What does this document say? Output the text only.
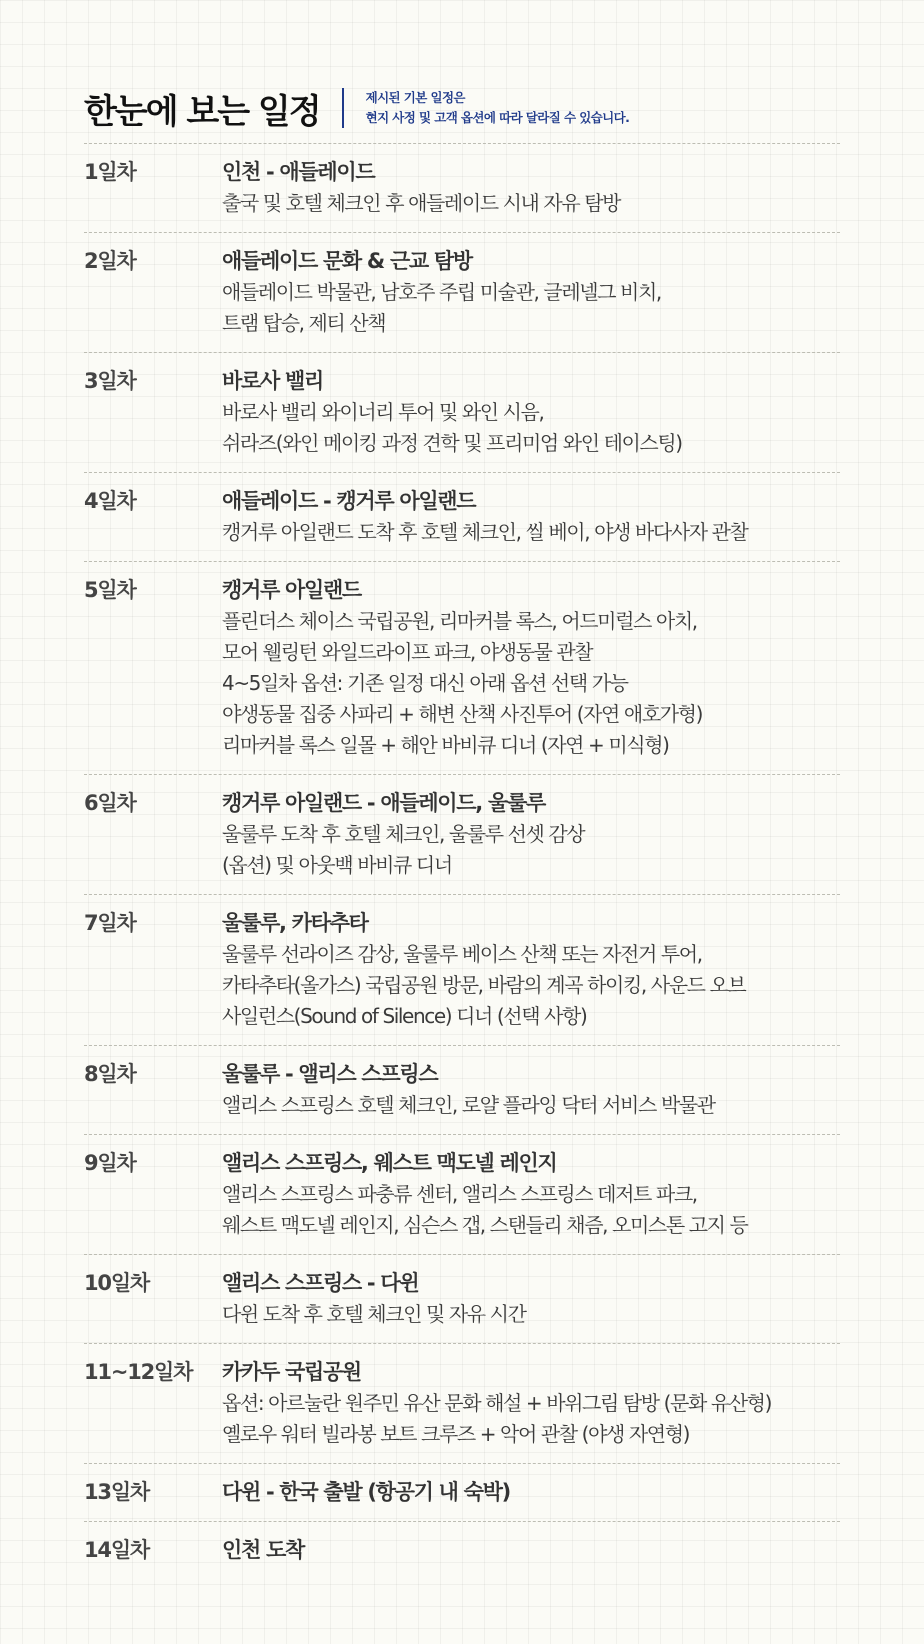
한눈에 보는 일정	제시된 기본 일정은
현지 사정 및 고객 옵션에 따라 달라질 수 있습니다.
1일차	인천 - 애들레이드
출국 및 호텔 체크인 후 애들레이드 시내 자유 탐방
2일차	애들레이드 문화 & 근교 탐방
애들레이드 박물관, 남호주 주립 미술관, 글레넬그 비치,
트램 탑승, 제티 산책
3일차	바로사 밸리
바로사 밸리 와이너리 투어 및 와인 시음,
쉬라즈(와인 메이킹 과정 견학 및 프리미엄 와인 테이스팅)
4일차	애들레이드 - 캥거루 아일랜드
캥거루 아일랜드 도착 후 호텔 체크인, 씰 베이, 야생 바다사자 관찰
5일차	캥거루 아일랜드
플린더스 체이스 국립공원, 리마커블 록스, 어드미럴스 아치,
모어 웰링턴 와일드라이프 파크, 야생동물 관찰
4~5일차 옵션: 기존 일정 대신 아래 옵션 선택 가능
야생동물 집중 사파리 + 해변 산책 사진투어 (자연 애호가형)
리마커블 록스 일몰 + 해안 바비큐 디너 (자연 + 미식형)
6일차	캥거루 아일랜드 - 애들레이드, 울룰루
울룰루 도착 후 호텔 체크인, 울룰루 선셋 감상
(옵션) 및 아웃백 바비큐 디너
7일차	울룰루, 카타추타
울룰루 선라이즈 감상, 울룰루 베이스 산책 또는 자전거 투어,
카타추타(올가스) 국립공원 방문, 바람의 계곡 하이킹, 사운드 오브
사일런스(Sound of Silence) 디너 (선택 사항)
8일차	울룰루 - 앨리스 스프링스
앨리스 스프링스 호텔 체크인, 로얄 플라잉 닥터 서비스 박물관
9일차	앨리스 스프링스, 웨스트 맥도넬 레인지
앨리스 스프링스 파충류 센터, 앨리스 스프링스 데저트 파크,
웨스트 맥도넬 레인지, 심슨스 갭, 스탠들리 채즘, 오미스톤 고지 등
10일차	앨리스 스프링스 - 다윈
다윈 도착 후 호텔 체크인 및 자유 시간
11~12일차	카카두 국립공원
옵션: 아르눌란 원주민 유산 문화 해설 + 바위그림 탐방 (문화 유산형)
옐로우 워터 빌라봉 보트 크루즈 + 악어 관찰 (야생 자연형)
13일차	다윈 - 한국 출발 (항공기 내 숙박)
14일차	인천 도착
